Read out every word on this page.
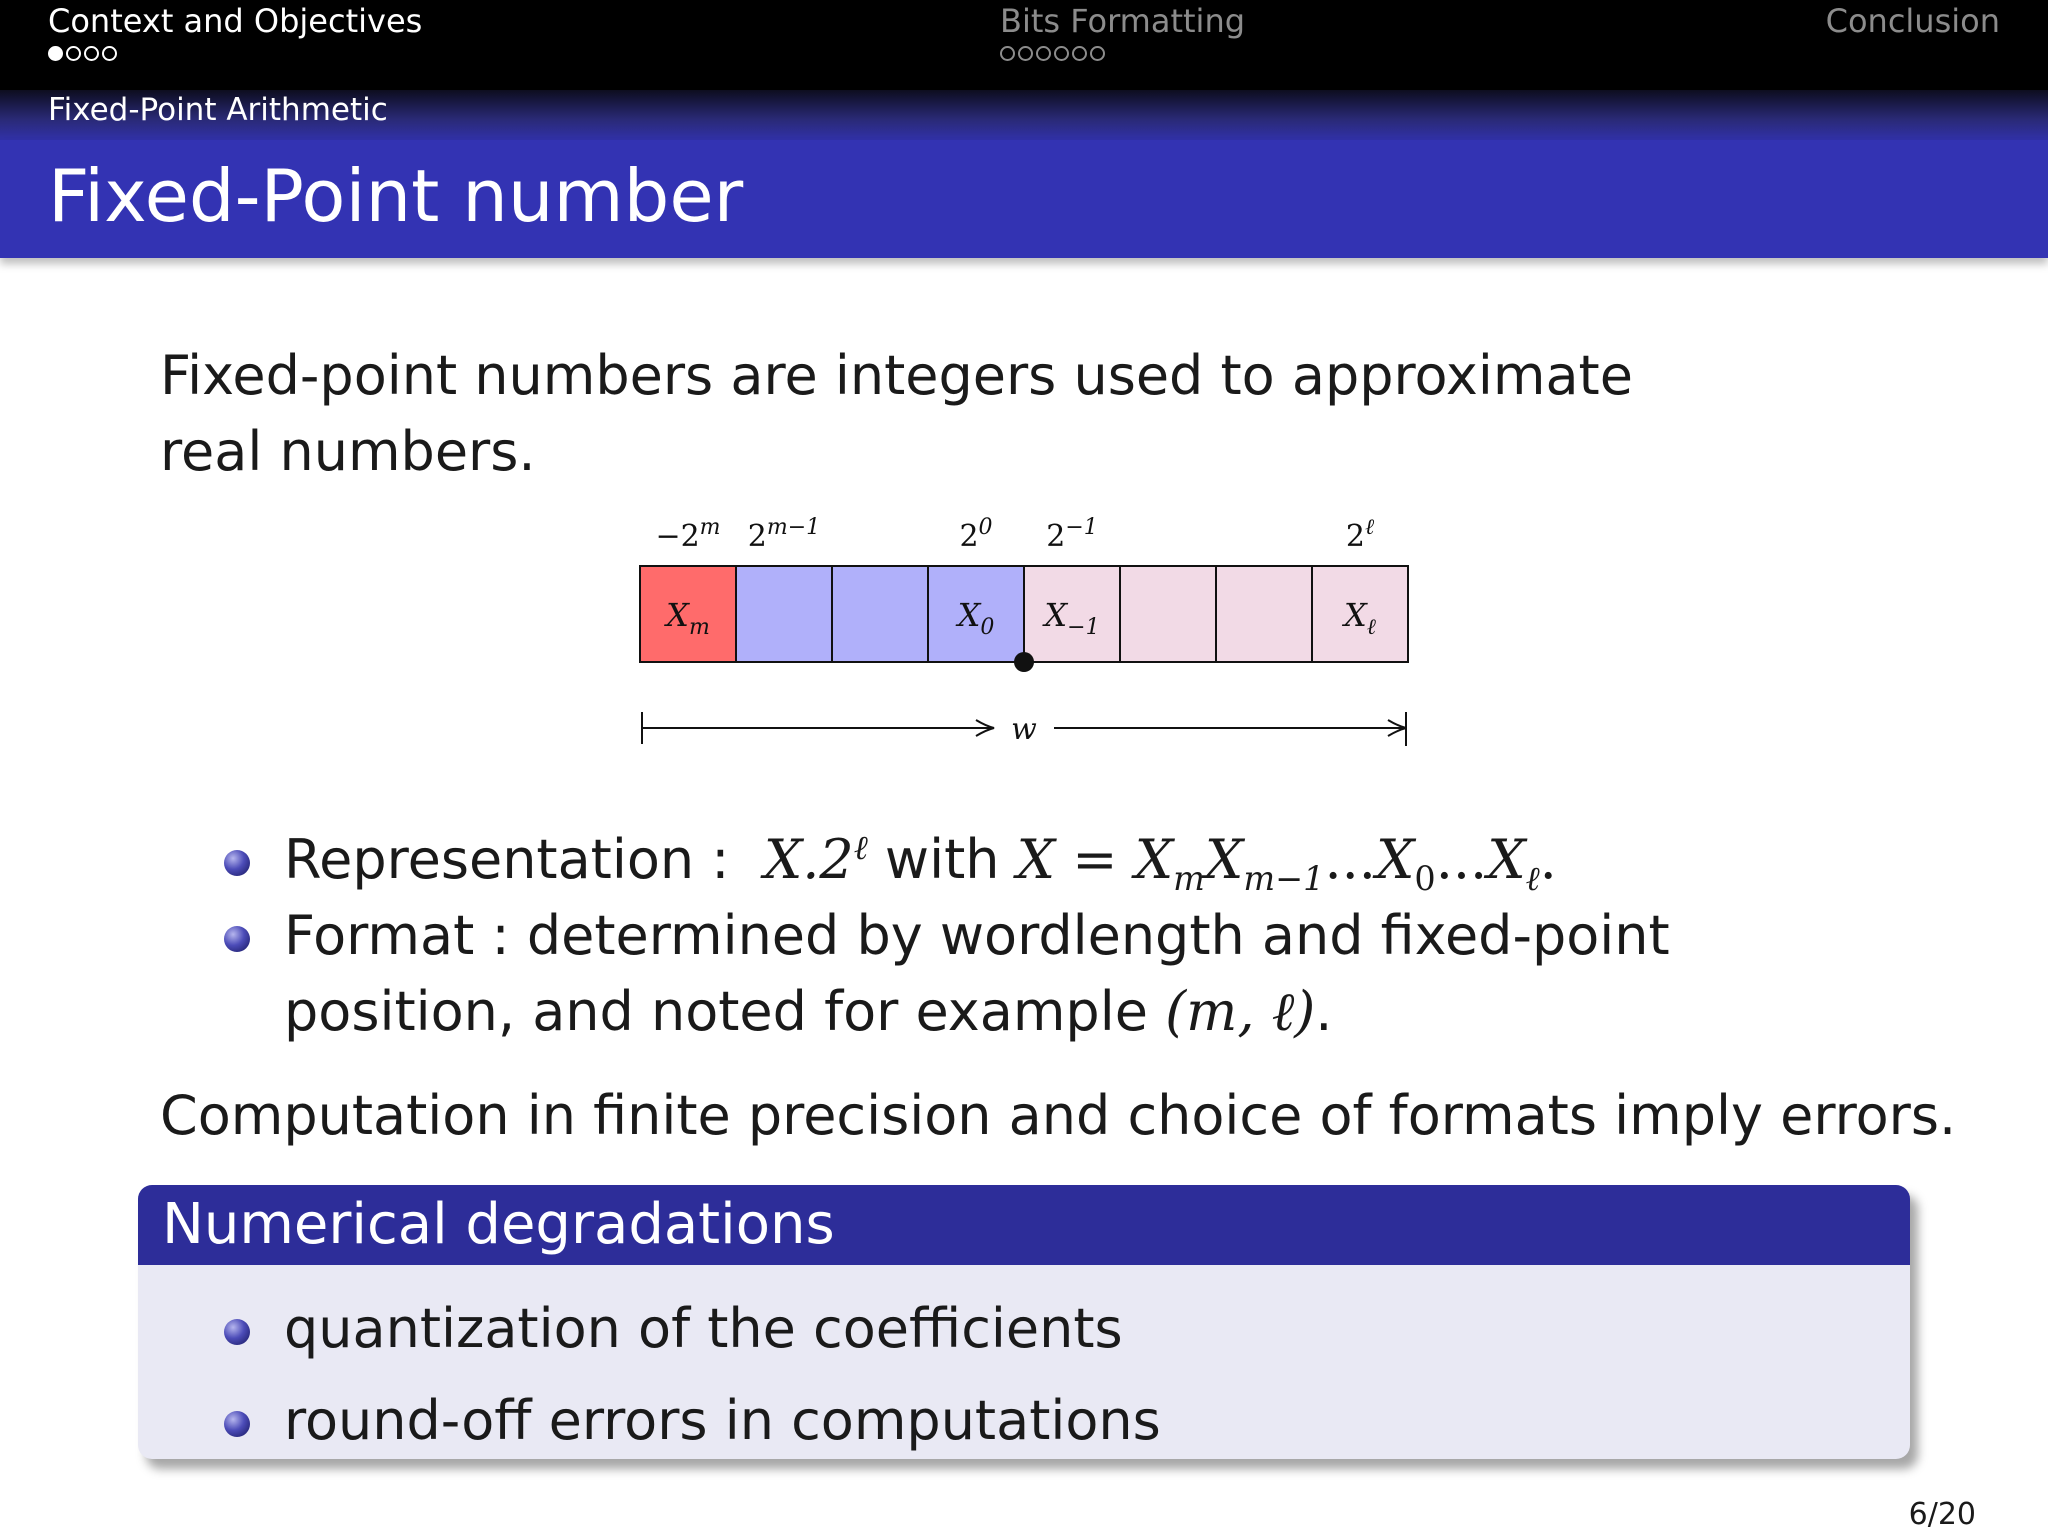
Context and Objectives	Bits Formatting	Conclusion
Fixed-Point Arithmetic
Fixed-Point number

Fixed-point numbers are integers used to approximate real numbers.

$-2^m$ $2^{m-1}$	$2^0$ $2^{-1}$	$2^\ell$
$X_m$	$X_0$ $X_{-1}$	$X_\ell$
w
Representation : $X.2^\ell$ with $X = X_mX_{m-1}...X_0...X_\ell$.
Format : determined by wordlength and fixed-point position, and noted for example (m, ℓ).

Computation in finite precision and choice of formats imply errors.

Numerical degradations
quantization of the coefficients
round-off errors in computations
6/20
